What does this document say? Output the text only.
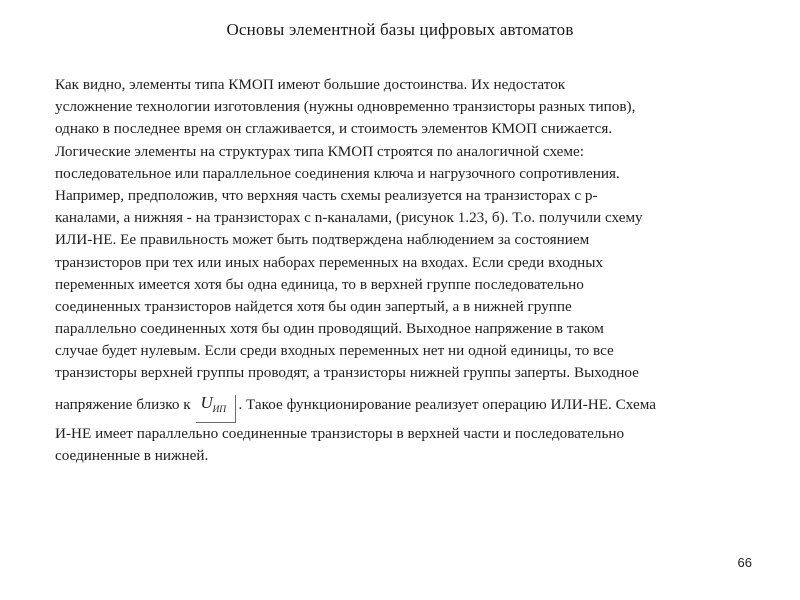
Основы элементной базы цифровых автоматов
Как видно, элементы типа КМОП имеют большие достоинства. Их недостаток
усложнение технологии изготовления (нужны одновременно транзисторы разных типов),
однако в последнее время он сглаживается, и стоимость элементов КМОП снижается.
Логические элементы на структурах типа КМОП строятся по аналогичной схеме:
последовательное или параллельное соединения ключа и нагрузочного сопротивления.
Например, предположив, что верхняя часть схемы реализуется на транзисторах с p-
каналами, а нижняя - на транзисторах с n-каналами, (рисунок 1.23, б). Т.о. получили схему
ИЛИ-НЕ. Ее правильность может быть подтверждена наблюдением за состоянием
транзисторов при тех или иных наборах переменных на входах. Если среди входных
переменных имеется хотя бы одна единица, то в верхней группе последовательно
соединенных транзисторов найдется хотя бы один запертый, а в нижней группе
параллельно соединенных хотя бы один проводящий. Выходное напряжение в таком
случае будет нулевым. Если среди входных переменных нет ни одной единицы, то все
транзисторы верхней группы проводят, а транзисторы нижней группы заперты. Выходное
напряжение близко к U ИП . Такое функционирование реализует операцию ИЛИ-НЕ. Схема
И-НЕ имеет параллельно соединенные транзисторы в верхней части и последовательно
соединенные в нижней.
66
